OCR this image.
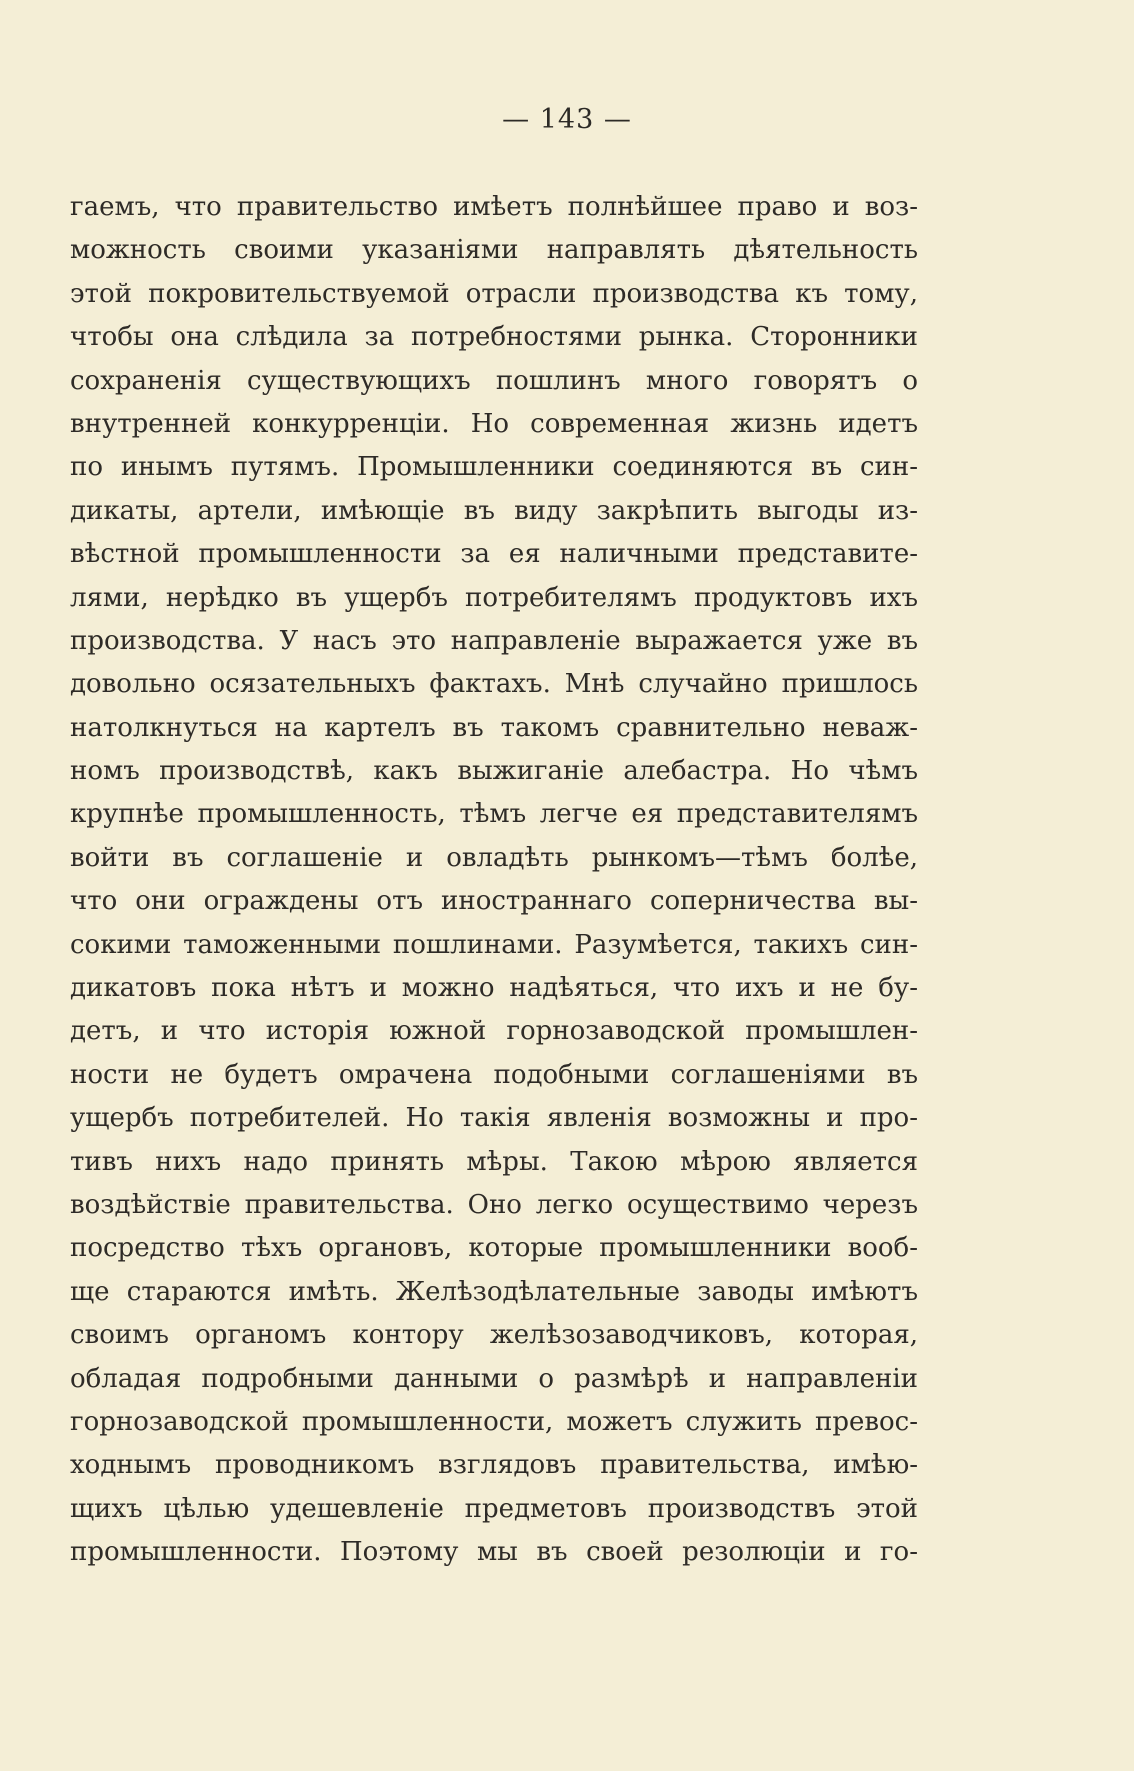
— 143 —
гаемъ, что правительство имѣетъ полнѣйшее право и воз-
можность своими указаніями направлять дѣятельность
этой покровительствуемой отрасли производства къ тому,
чтобы она слѣдила за потребностями рынка. Сторонники
сохраненія существующихъ пошлинъ много говорятъ о
внутренней конкурренціи. Но современная жизнь идетъ
по инымъ путямъ. Промышленники соединяются въ син-
дикаты, артели, имѣющіе въ виду закрѣпить выгоды из-
вѣстной промышленности за ея наличными представите-
лями, нерѣдко въ ущербъ потребителямъ продуктовъ ихъ
производства. У насъ это направленіе выражается уже въ
довольно осязательныхъ фактахъ. Мнѣ случайно пришлось
натолкнуться на картелъ въ такомъ сравнительно неваж-
номъ производствѣ, какъ выжиганіе алебастра. Но чѣмъ
крупнѣе промышленность, тѣмъ легче ея представителямъ
войти въ соглашеніе и овладѣть рынкомъ—тѣмъ болѣе,
что они ограждены отъ иностраннаго соперничества вы-
сокими таможенными пошлинами. Разумѣется, такихъ син-
дикатовъ пока нѣтъ и можно надѣяться, что ихъ и не бу-
детъ, и что исторія южной горнозаводской промышлен-
ности не будетъ омрачена подобными соглашеніями въ
ущербъ потребителей. Но такія явленія возможны и про-
тивъ нихъ надо принять мѣры. Такою мѣрою является
воздѣйствіе правительства. Оно легко осуществимо черезъ
посредство тѣхъ органовъ, которые промышленники вооб-
ще стараются имѣть. Желѣзодѣлательные заводы имѣютъ
своимъ органомъ контору желѣзозаводчиковъ, которая,
обладая подробными данными о размѣрѣ и направленіи
горнозаводской промышленности, можетъ служить превос-
ходнымъ проводникомъ взглядовъ правительства, имѣю-
щихъ цѣлью удешевленіе предметовъ производствъ этой
промышленности. Поэтому мы въ своей резолюціи и го-
